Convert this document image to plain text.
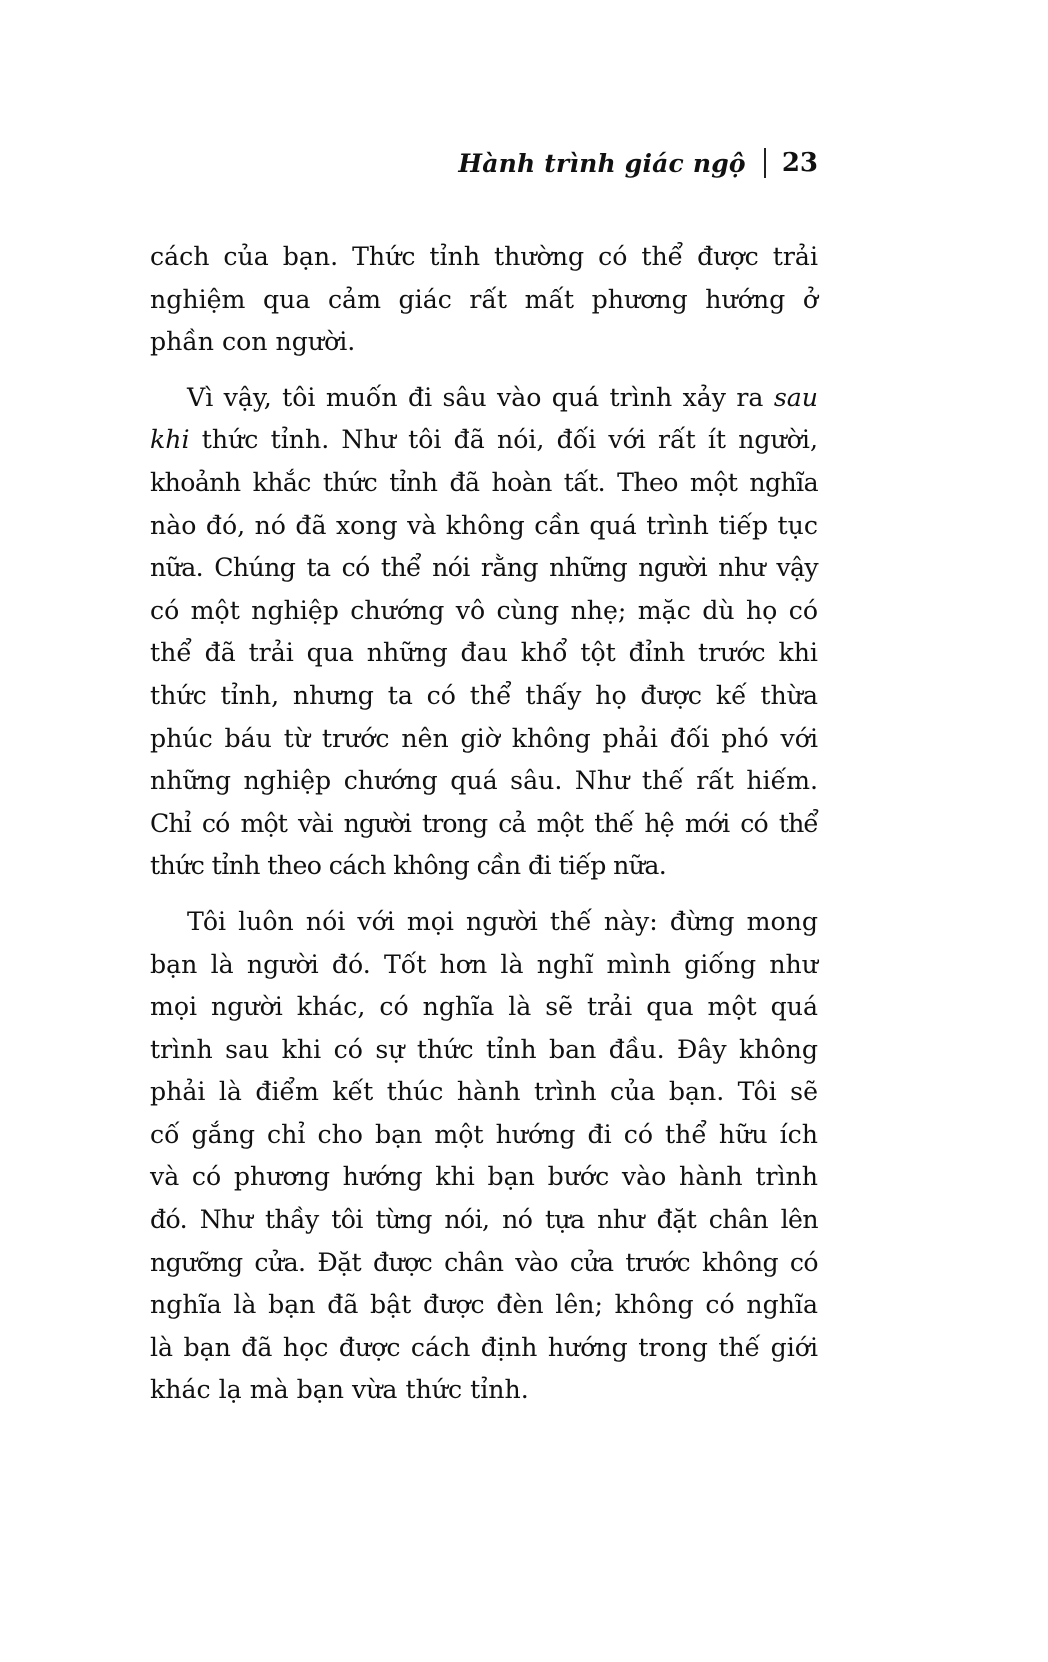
Hành trình giác ngộ 23
cách của bạn. Thức tỉnh thường có thể được trải
nghiệm qua cảm giác rất mất phương hướng ở
phần con người.
Vì vậy, tôi muốn đi sâu vào quá trình xảy ra sau
khi thức tỉnh. Như tôi đã nói, đối với rất ít người,
khoảnh khắc thức tỉnh đã hoàn tất. Theo một nghĩa
nào đó, nó đã xong và không cần quá trình tiếp tục
nữa. Chúng ta có thể nói rằng những người như vậy
có một nghiệp chướng vô cùng nhẹ; mặc dù họ có
thể đã trải qua những đau khổ tột đỉnh trước khi
thức tỉnh, nhưng ta có thể thấy họ được kế thừa
phúc báu từ trước nên giờ không phải đối phó với
những nghiệp chướng quá sâu. Như thế rất hiếm.
Chỉ có một vài người trong cả một thế hệ mới có thể
thức tỉnh theo cách không cần đi tiếp nữa.
Tôi luôn nói với mọi người thế này: đừng mong
bạn là người đó. Tốt hơn là nghĩ mình giống như
mọi người khác, có nghĩa là sẽ trải qua một quá
trình sau khi có sự thức tỉnh ban đầu. Đây không
phải là điểm kết thúc hành trình của bạn. Tôi sẽ
cố gắng chỉ cho bạn một hướng đi có thể hữu ích
và có phương hướng khi bạn bước vào hành trình
đó. Như thầy tôi từng nói, nó tựa như đặt chân lên
ngưỡng cửa. Đặt được chân vào cửa trước không có
nghĩa là bạn đã bật được đèn lên; không có nghĩa
là bạn đã học được cách định hướng trong thế giới
khác lạ mà bạn vừa thức tỉnh.
